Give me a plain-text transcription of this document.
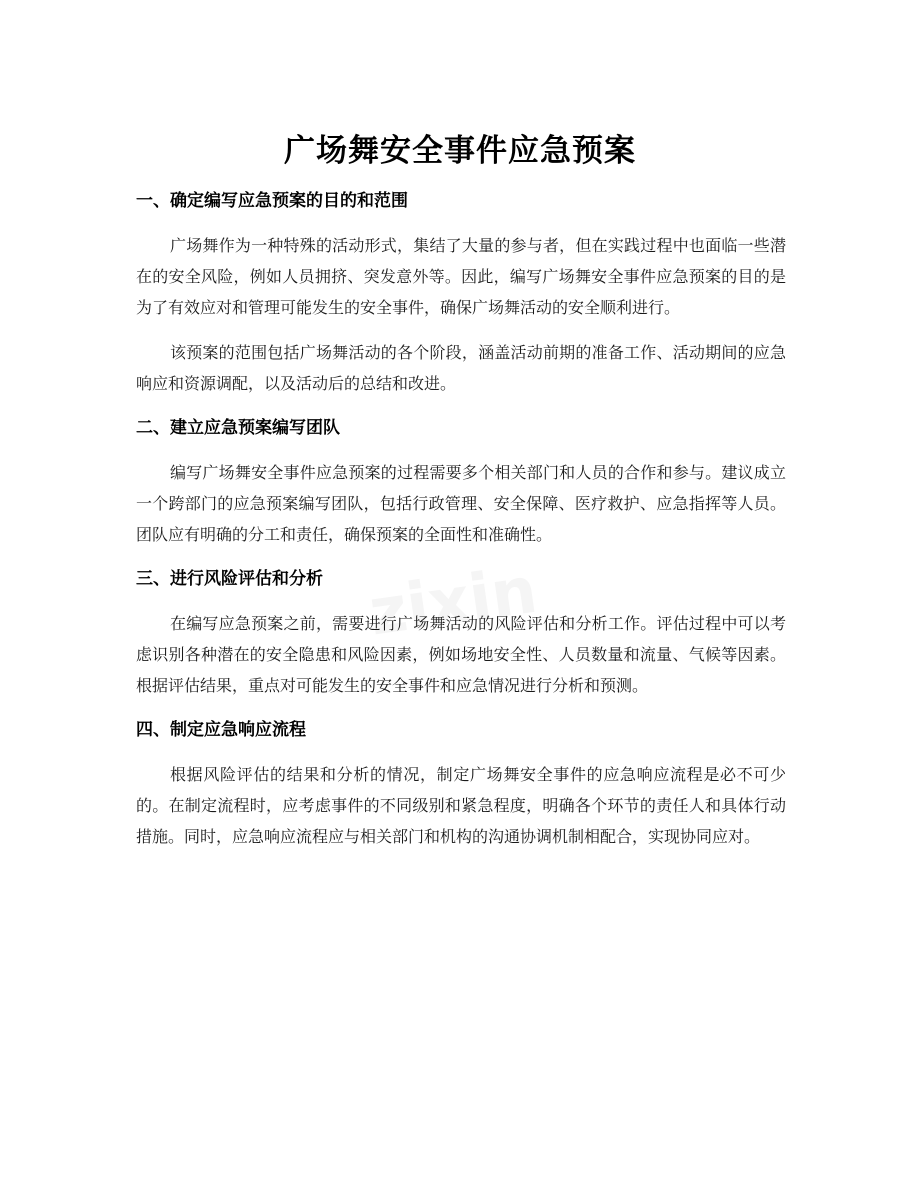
zixin
广场舞安全事件应急预案
一、确定编写应急预案的目的和范围

广场舞作为一种特殊的活动形式，集结了大量的参与者，但在实践过程中也面临一些潜在的安全风险，例如人员拥挤、突发意外等。因此，编写广场舞安全事件应急预案的目的是为了有效应对和管理可能发生的安全事件，确保广场舞活动的安全顺利进行。

该预案的范围包括广场舞活动的各个阶段，涵盖活动前期的准备工作、活动期间的应急响应和资源调配，以及活动后的总结和改进。

二、建立应急预案编写团队

编写广场舞安全事件应急预案的过程需要多个相关部门和人员的合作和参与。建议成立一个跨部门的应急预案编写团队，包括行政管理、安全保障、医疗救护、应急指挥等人员。团队应有明确的分工和责任，确保预案的全面性和准确性。

三、进行风险评估和分析

在编写应急预案之前，需要进行广场舞活动的风险评估和分析工作。评估过程中可以考虑识别各种潜在的安全隐患和风险因素，例如场地安全性、人员数量和流量、气候等因素。根据评估结果，重点对可能发生的安全事件和应急情况进行分析和预测。

四、制定应急响应流程

根据风险评估的结果和分析的情况，制定广场舞安全事件的应急响应流程是必不可少的。在制定流程时，应考虑事件的不同级别和紧急程度，明确各个环节的责任人和具体行动措施。同时，应急响应流程应与相关部门和机构的沟通协调机制相配合，实现协同应对。
